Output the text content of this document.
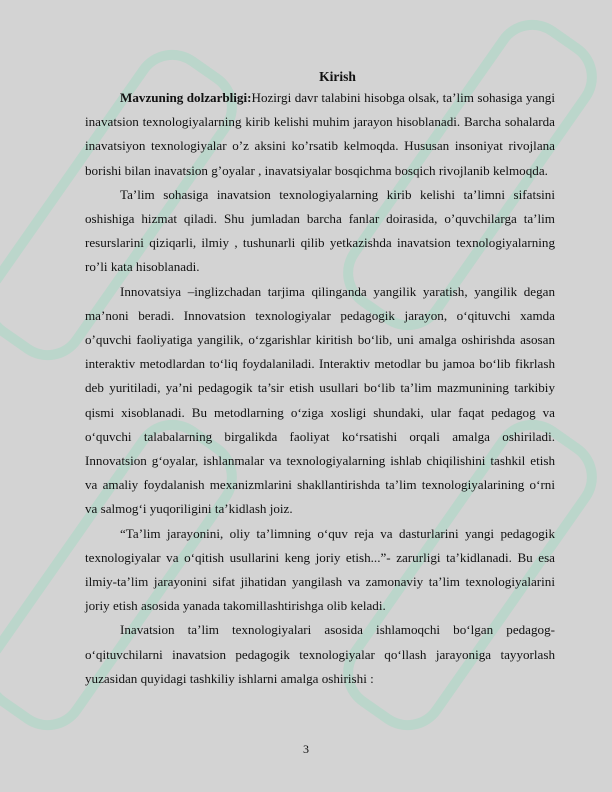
Kirish

Mavzuning dolzarbligi:Hozirgi davr talabini hisobga olsak, ta’lim sohasiga yangi inavatsion texnologiyalarning kirib kelishi muhim jarayon hisoblanadi. Barcha sohalarda inavatsiyon texnologiyalar o’z aksini ko’rsatib kelmoqda. Hususan insoniyat rivojlana borishi bilan inavatsion g’oyalar , inavatsiyalar bosqichma bosqich rivojlanib kelmoqda.

Ta’lim sohasiga inavatsion texnologiyalarning kirib kelishi ta’limni sifatsini oshishiga hizmat qiladi. Shu jumladan barcha fanlar doirasida, o’quvchilarga ta’lim resurslarini qiziqarli, ilmiy , tushunarli qilib yetkazishda inavatsion texnologiyalarning ro’li kata hisoblanadi.

Innovatsiya –inglizchadan tarjima qilinganda yangilik yaratish, yangilik degan ma’noni beradi. Innovatsion texnologiyalar pedagogik jarayon, o‘qituvchi xamda o’quvchi faoliyatiga yangilik, o‘zgarishlar kiritish bo‘lib, uni amalga oshirishda asosan interaktiv metodlardan to‘liq foydalaniladi. Interaktiv metodlar bu jamoa bo‘lib fikrlash deb yuritiladi, ya’ni pedagogik ta’sir etish usullari bo‘lib ta’lim mazmunining tarkibiy qismi xisoblanadi. Bu metodlarning o‘ziga xosligi shundaki, ular faqat pedagog va o‘quvchi talabalarning birgalikda faoliyat ko‘rsatishi orqali amalga oshiriladi. Innovatsion g‘oyalar, ishlanmalar va texnologiyalarning ishlab chiqilishini tashkil etish va amaliy foydalanish mexanizmlarini shakllantirishda ta’lim texnologiyalarining o‘rni va salmog‘i yuqoriligini ta’kidlash joiz.

“Ta’lim jarayonini, oliy ta’limning o‘quv reja va dasturlarini yangi pedagogik texnologiyalar va o‘qitish usullarini keng joriy etish...”- zarurligi ta’kidlanadi. Bu esa ilmiy-ta’lim jarayonini sifat jihatidan yangilash va zamonaviy ta’lim texnologiyalarini joriy etish asosida yanada takomillashtirishga olib keladi.

Inavatsion ta’lim texnologiyalari asosida ishlamoqchi bo‘lgan pedagog-o‘qituvchilarni inavatsion pedagogik texnologiyalar qo‘llash jarayoniga tayyorlash yuzasidan quyidagi tashkiliy ishlarni amalga oshirishi :

3
